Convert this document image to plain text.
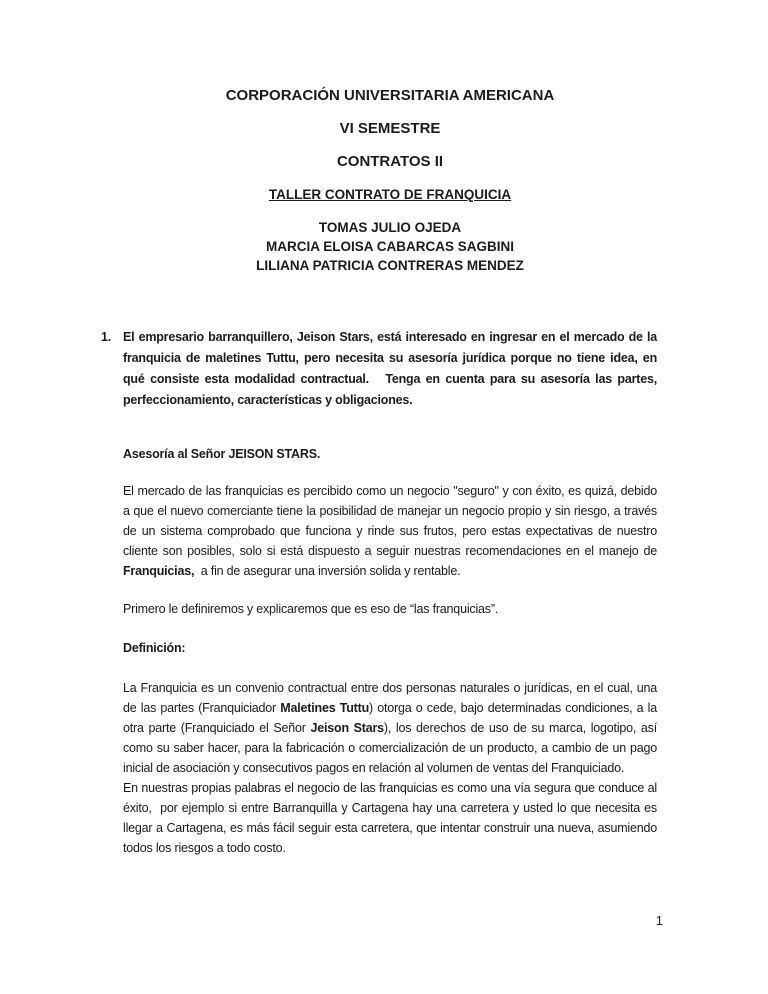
CORPORACIÓN UNIVERSITARIA AMERICANA
VI SEMESTRE
CONTRATOS II
TALLER CONTRATO DE FRANQUICIA
TOMAS JULIO OJEDA
MARCIA ELOISA CABARCAS SAGBINI
LILIANA PATRICIA CONTRERAS MENDEZ
1. El empresario barranquillero, Jeison Stars, está interesado en ingresar en el mercado de la franquicia de maletines Tuttu, pero necesita su asesoría jurídica porque no tiene idea, en qué consiste esta modalidad contractual.   Tenga en cuenta para su asesoría las partes, perfeccionamiento, características y obligaciones.

Asesoría al Señor JEISON STARS.

El mercado de las franquicias es percibido como un negocio "seguro" y con éxito, es quizá, debido a que el nuevo comerciante tiene la posibilidad de manejar un negocio propio y sin riesgo, a través de un sistema comprobado que funciona y rinde sus frutos, pero estas expectativas de nuestro cliente son posibles, solo si está dispuesto a seguir nuestras recomendaciones en el manejo de Franquicias,  a fin de asegurar una inversión solida y rentable.

Primero le definiremos y explicaremos que es eso de “las franquicias”.

Definición:

La Franquicia es un convenio contractual entre dos personas naturales o jurídicas, en el cual, una de las partes (Franquiciador Maletines Tuttu) otorga o cede, bajo determinadas condiciones, a la otra parte (Franquiciado el Señor Jeison Stars), los derechos de uso de su marca, logotipo, así como su saber hacer, para la fabricación o comercialización de un producto, a cambio de un pago inicial de asociación y consecutivos pagos en relación al volumen de ventas del Franquiciado.

En nuestras propias palabras el negocio de las franquicias es como una vía segura que conduce al éxito,  por ejemplo si entre Barranquilla y Cartagena hay una carretera y usted lo que necesita es llegar a Cartagena, es más fácil seguir esta carretera, que intentar construir una nueva, asumiendo todos los riesgos a todo costo.

1
